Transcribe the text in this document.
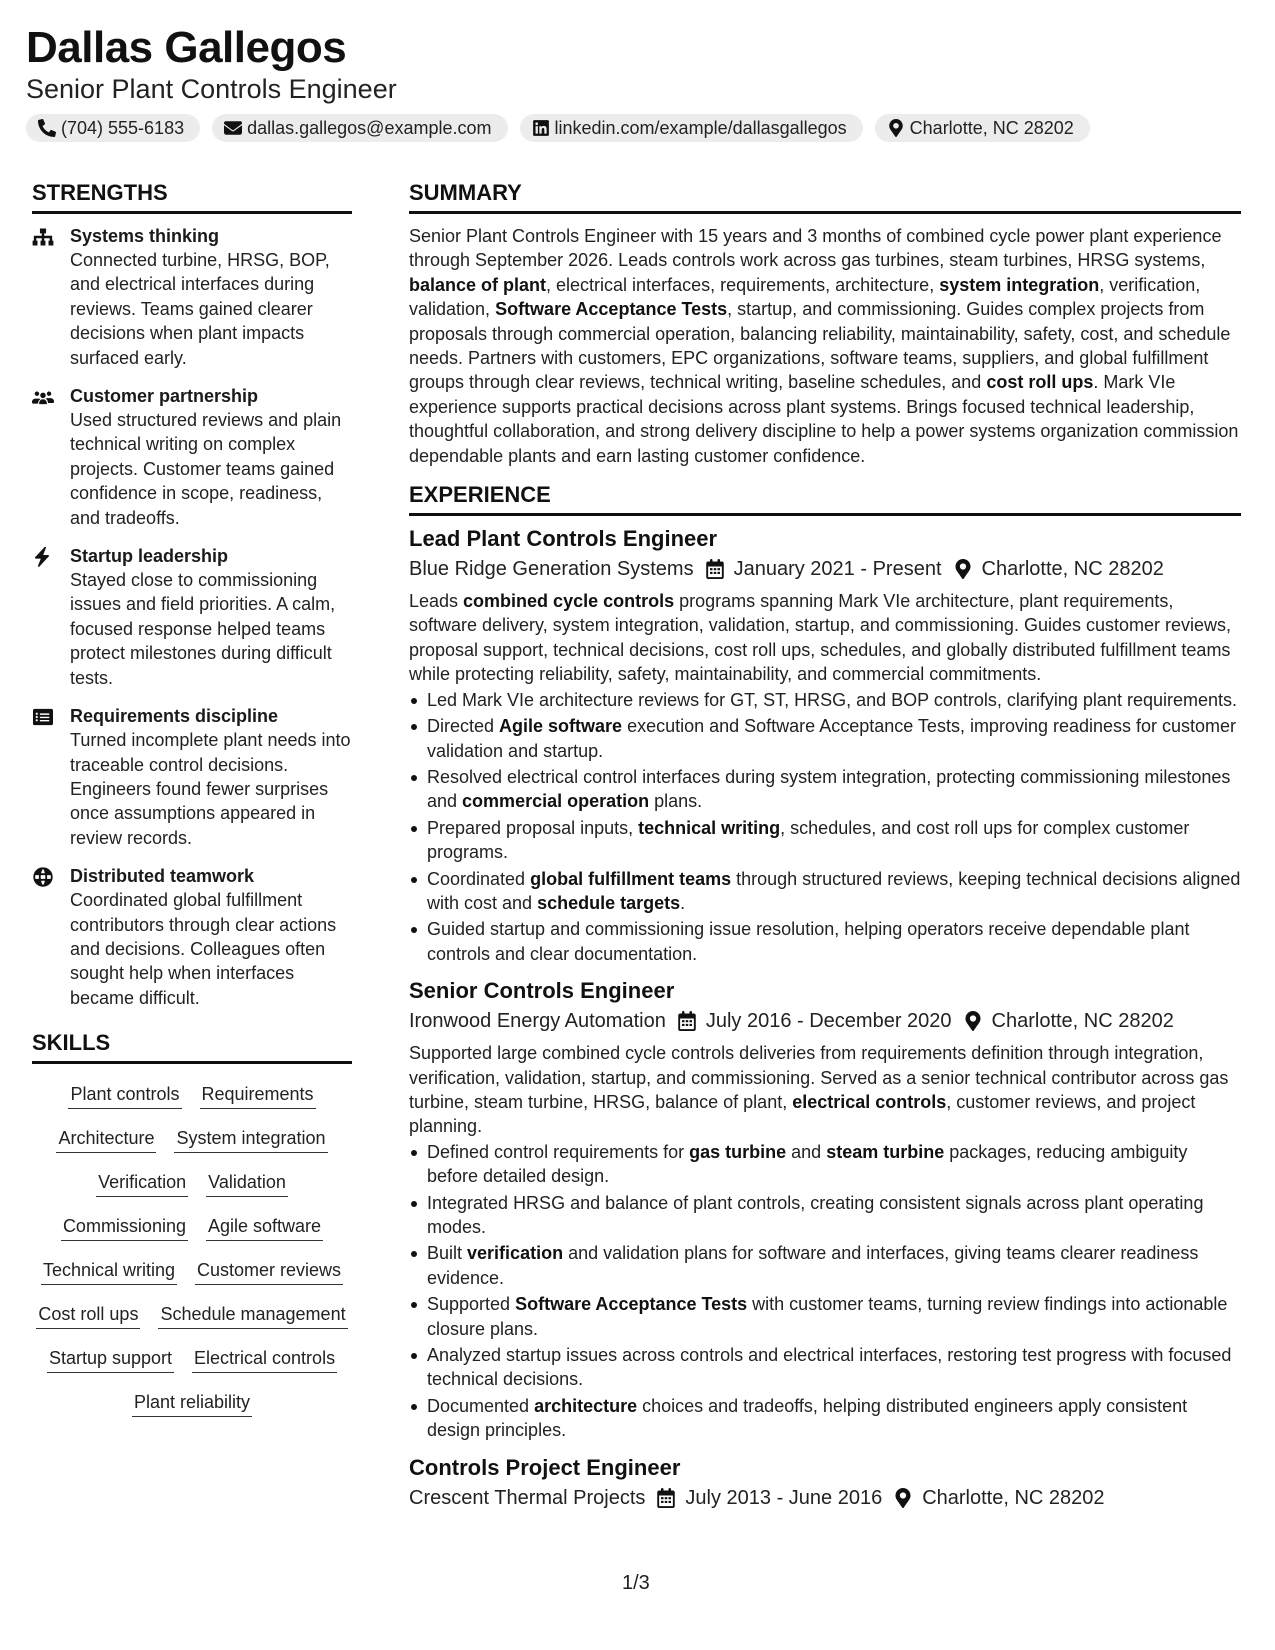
Dallas Gallegos
Senior Plant Controls Engineer
(704) 555-6183	dallas.gallegos@example.com	linkedin.com/example/dallasgallegos	Charlotte, NC 28202
STRENGTHS
Systems thinking
Connected turbine, HRSG, BOP, and electrical interfaces during reviews. Teams gained clearer decisions when plant impacts surfaced early.
Customer partnership
Used structured reviews and plain technical writing on complex projects. Customer teams gained confidence in scope, readiness, and tradeoffs.
Startup leadership
Stayed close to commissioning issues and field priorities. A calm, focused response helped teams protect milestones during difficult tests.
Requirements discipline
Turned incomplete plant needs into traceable control decisions. Engineers found fewer surprises once assumptions appeared in review records.
Distributed teamwork
Coordinated global fulfillment contributors through clear actions and decisions. Colleagues often sought help when interfaces became difficult.
SKILLS
Plant controls Requirements
Architecture System integration
Verification Validation
Commissioning Agile software
Technical writing Customer reviews
Cost roll ups Schedule management
Startup support Electrical controls
Plant reliability
SUMMARY
Senior Plant Controls Engineer with 15 years and 3 months of combined cycle power plant experience through September 2026. Leads controls work across gas turbines, steam turbines, HRSG systems, balance of plant, electrical interfaces, requirements, architecture, system integration, verification, validation, Software Acceptance Tests, startup, and commissioning. Guides complex projects from proposals through commercial operation, balancing reliability, maintainability, safety, cost, and schedule needs. Partners with customers, EPC organizations, software teams, suppliers, and global fulfillment groups through clear reviews, technical writing, baseline schedules, and cost roll ups. Mark VIe experience supports practical decisions across plant systems. Brings focused technical leadership, thoughtful collaboration, and strong delivery discipline to help a power systems organization commission dependable plants and earn lasting customer confidence.
EXPERIENCE
Lead Plant Controls Engineer
Blue Ridge Generation Systems January 2021 - Present Charlotte, NC 28202
Leads combined cycle controls programs spanning Mark VIe architecture, plant requirements, software delivery, system integration, validation, startup, and commissioning. Guides customer reviews, proposal support, technical decisions, cost roll ups, schedules, and globally distributed fulfillment teams while protecting reliability, safety, maintainability, and commercial commitments.
Led Mark VIe architecture reviews for GT, ST, HRSG, and BOP controls, clarifying plant requirements.
Directed Agile software execution and Software Acceptance Tests, improving readiness for customer validation and startup.
Resolved electrical control interfaces during system integration, protecting commissioning milestones and commercial operation plans.
Prepared proposal inputs, technical writing, schedules, and cost roll ups for complex customer programs.
Coordinated global fulfillment teams through structured reviews, keeping technical decisions aligned with cost and schedule targets.
Guided startup and commissioning issue resolution, helping operators receive dependable plant controls and clear documentation.
Senior Controls Engineer
Ironwood Energy Automation July 2016 - December 2020 Charlotte, NC 28202
Supported large combined cycle controls deliveries from requirements definition through integration, verification, validation, startup, and commissioning. Served as a senior technical contributor across gas turbine, steam turbine, HRSG, balance of plant, electrical controls, customer reviews, and project planning.
Defined control requirements for gas turbine and steam turbine packages, reducing ambiguity before detailed design.
Integrated HRSG and balance of plant controls, creating consistent signals across plant operating modes.
Built verification and validation plans for software and interfaces, giving teams clearer readiness evidence.
Supported Software Acceptance Tests with customer teams, turning review findings into actionable closure plans.
Analyzed startup issues across controls and electrical interfaces, restoring test progress with focused technical decisions.
Documented architecture choices and tradeoffs, helping distributed engineers apply consistent design principles.
Controls Project Engineer
Crescent Thermal Projects July 2013 - June 2016 Charlotte, NC 28202
1/3
